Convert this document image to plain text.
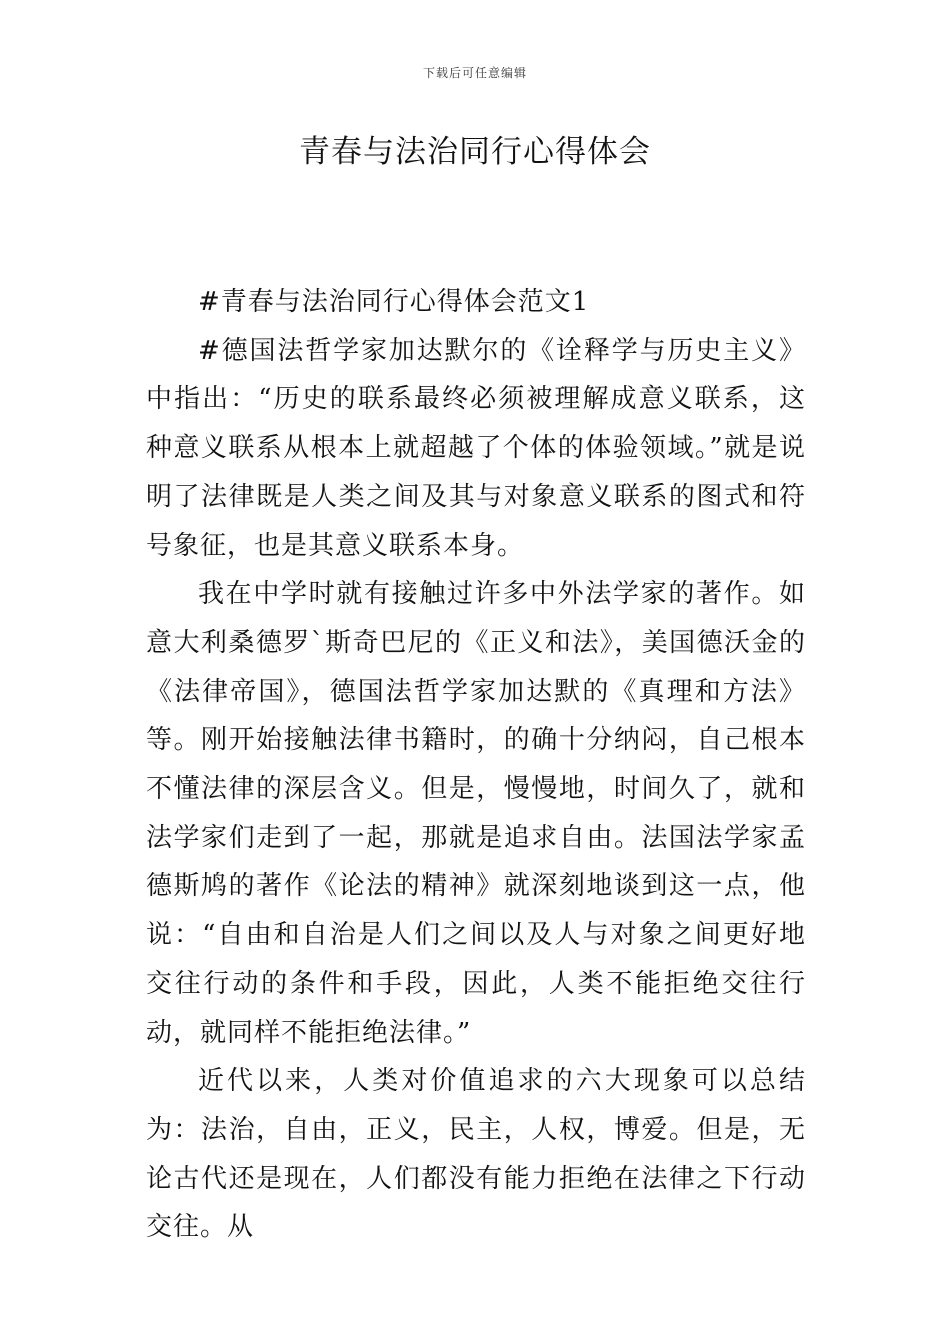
下载后可任意编辑
青春与法治同行心得体会

#青春与法治同行心得体会范文1

#德国法哲学家加达默尔的《诠释学与历史主义》中指出：“历史的联系最终必须被理解成意义联系，这种意义联系从根本上就超越了个体的体验领域。”就是说明了法律既是人类之间及其与对象意义联系的图式和符号象征，也是其意义联系本身。

我在中学时就有接触过许多中外法学家的著作。如意大利桑德罗`斯奇巴尼的《正义和法》，美国德沃金的《法律帝国》，德国法哲学家加达默的《真理和方法》等。刚开始接触法律书籍时，的确十分纳闷，自己根本不懂法律的深层含义。但是，慢慢地，时间久了，就和法学家们走到了一起，那就是追求自由。法国法学家孟德斯鸠的著作《论法的精神》就深刻地谈到这一点，他说：“自由和自治是人们之间以及人与对象之间更好地交往行动的条件和手段，因此，人类不能拒绝交往行动，就同样不能拒绝法律。”

近代以来，人类对价值追求的六大现象可以总结为：法治，自由，正义，民主，人权，博爱。但是，无论古代还是现在，人们都没有能力拒绝在法律之下行动交往。从
